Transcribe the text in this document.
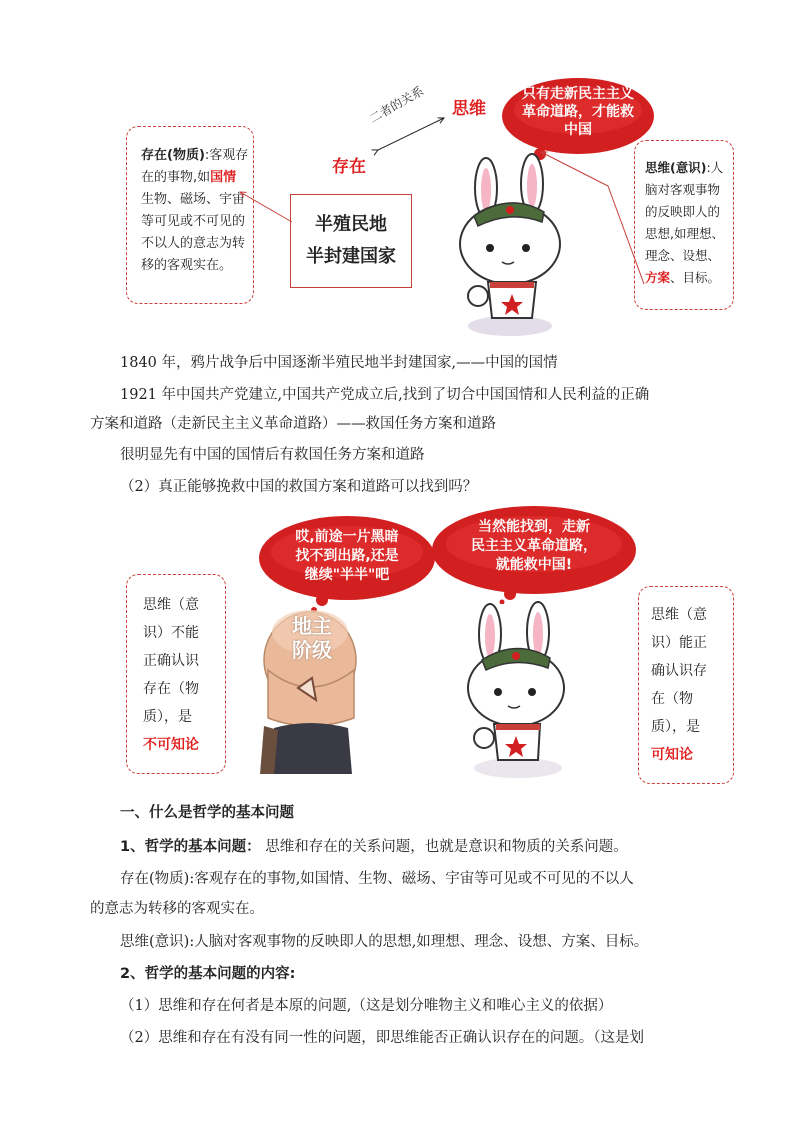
存在(物质):客观存
在的事物,如国情
生物、磁场、宇宙
等可见或不可见的
不以人的意志为转
移的客观实在。
存在
思维
二者的关系
半殖民地
半封建国家
只有走新民主主义
革命道路，才能救
中国
思维(意识):人
脑对客观事物
的反映即人的
思想,如理想、
理念、设想、
方案、目标。
1840 年，鸦片战争后中国逐渐半殖民地半封建国家,——中国的国情
1921 年中国共产党建立,中国共产党成立后,找到了切合中国国情和人民利益的正确
方案和道路（走新民主主义革命道路）——救国任务方案和道路
很明显先有中国的国情后有救国任务方案和道路
（2）真正能够挽救中国的救国方案和道路可以找到吗？
哎,前途一片黑暗
找不到出路,还是
继续"半半"吧
当然能找到，走新
民主主义革命道路，
就能救中国!
思维（意
识）不能
正确认识
存在（物
质），是
不可知论
思维（意
识）能正
确认识存
在（物
质），是
可知论
地主
阶级
一、什么是哲学的基本问题
1、哲学的基本问题： 思维和存在的关系问题，也就是意识和物质的关系问题。
存在(物质):客观存在的事物,如国情、生物、磁场、宇宙等可见或不可见的不以人
的意志为转移的客观实在。
思维(意识):人脑对客观事物的反映即人的思想,如理想、理念、设想、方案、目标。
2、哲学的基本问题的内容:
（1）思维和存在何者是本原的问题,（这是划分唯物主义和唯心主义的依据）
（2）思维和存在有没有同一性的问题，即思维能否正确认识存在的问题。（这是划
